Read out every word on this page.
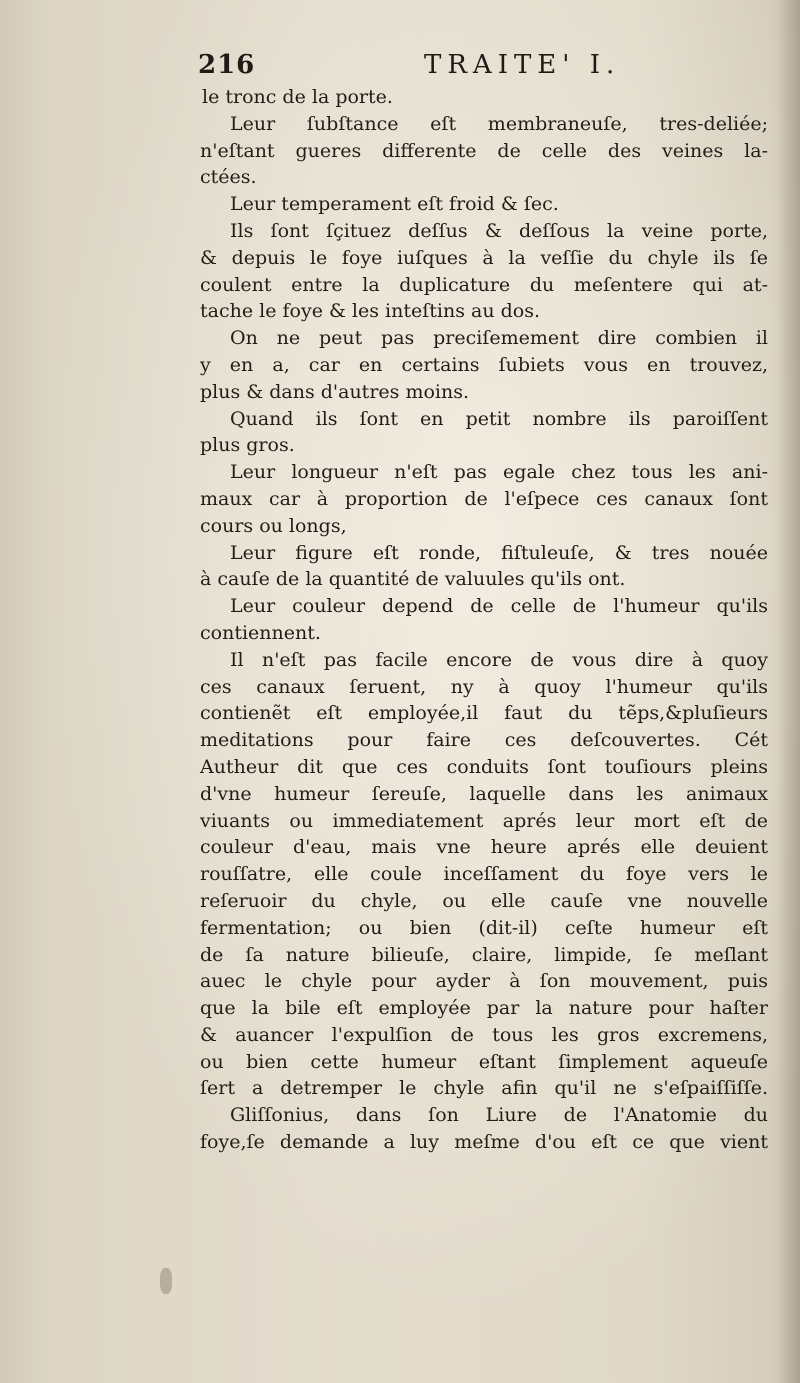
216	TRAITE' I.
le tronc de la porte.
Leur ſubſtance eſt membraneuſe, tres-deliée;
n'eſtant gueres differente de celle des veines la-
ctées.
Leur temperament eſt froid & ſec.
Ils ſont ſçituez deſſus & deſſous la veine porte,
& depuis le foye iuſques à la veſſie du chyle ils ſe
coulent entre la duplicature du meſentere qui at-
tache le foye & les inteſtins au dos.
On ne peut pas preciſemement dire combien il
y en a, car en certains ſubiets vous en trouvez,
plus & dans d'autres moins.
Quand ils ſont en petit nombre ils paroiſſent
plus gros.
Leur longueur n'eſt pas egale chez tous les ani-
maux car à proportion de l'eſpece ces canaux ſont
cours ou longs,
Leur figure eſt ronde, fiſtuleuſe, & tres nouée
à cauſe de la quantité de valuules qu'ils ont.
Leur couleur depend de celle de l'humeur qu'ils
contiennent.
Il n'eſt pas facile encore de vous dire à quoy
ces canaux ſeruent, ny à quoy l'humeur qu'ils
contienẽt eſt employée,il faut du tẽps,&pluſieurs
meditations pour faire ces deſcouvertes. Cét
Autheur dit que ces conduits ſont touſiours pleins
d'vne humeur ſereuſe, laquelle dans les animaux
viuants ou immediatement aprés leur mort eſt de
couleur d'eau, mais vne heure aprés elle deuient
rouſſatre, elle coule inceſſament du foye vers le
reſeruoir du chyle, ou elle cauſe vne nouvelle
fermentation; ou bien (dit-il) ceſte humeur eſt
de ſa nature bilieuſe, claire, limpide, ſe meſlant
auec le chyle pour ayder à ſon mouvement, puis
que la bile eſt employée par la nature pour haſter
& auancer l'expulſion de tous les gros excremens,
ou bien cette humeur eſtant ſimplement aqueuſe
ſert a detremper le chyle afin qu'il ne s'eſpaiſſiſſe.
Gliſſonius, dans ſon Liure de l'Anatomie du
foye,ſe demande a luy meſme d'ou eſt ce que vient
